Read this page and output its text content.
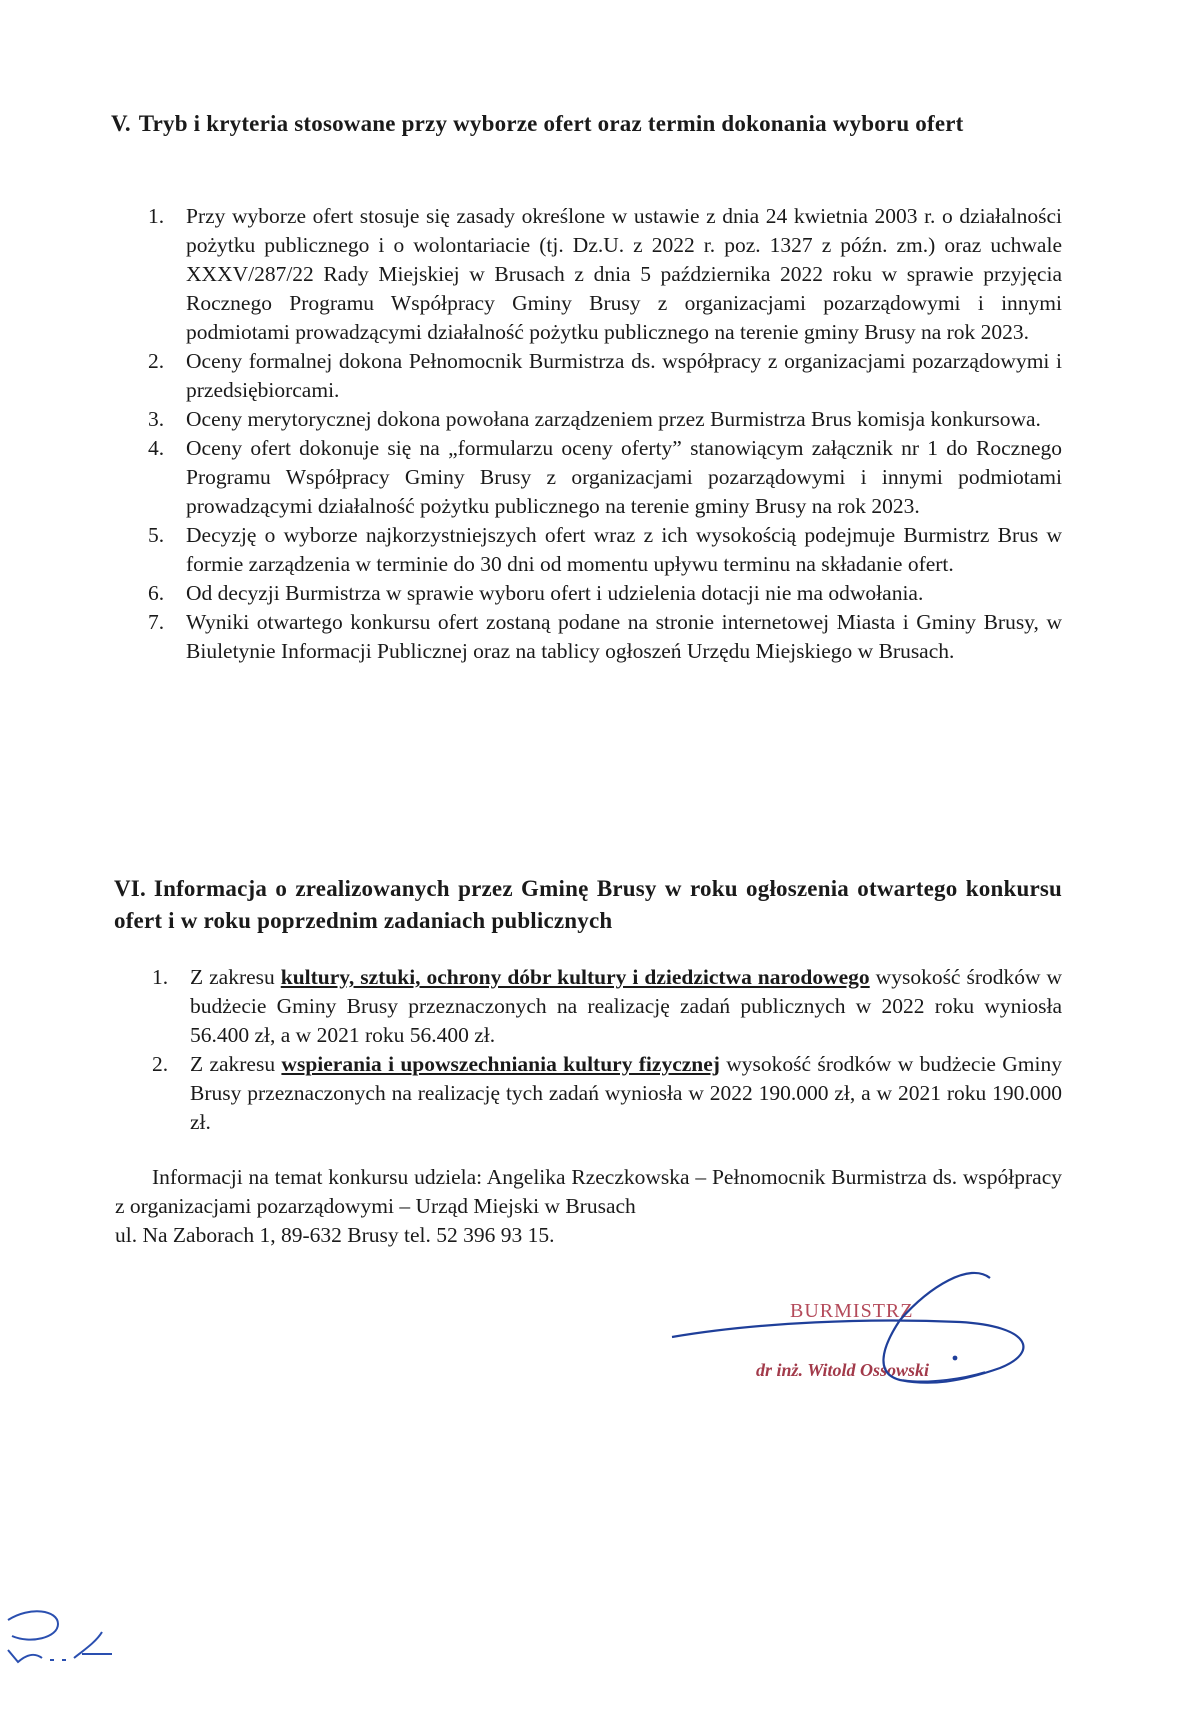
V. Tryb i kryteria stosowane przy wyborze ofert oraz termin dokonania wyboru ofert
1. Przy wyborze ofert stosuje się zasady określone w ustawie z dnia 24 kwietnia 2003 r. o działalności pożytku publicznego i o wolontariacie (tj. Dz.U. z 2022 r. poz. 1327 z późn. zm.) oraz uchwale XXXV/287/22 Rady Miejskiej w Brusach z dnia 5 października 2022 roku w sprawie przyjęcia Rocznego Programu Współpracy Gminy Brusy z organizacjami pozarządowymi i innymi podmiotami prowadzącymi działalność pożytku publicznego na terenie gminy Brusy na rok 2023.
2. Oceny formalnej dokona Pełnomocnik Burmistrza ds. współpracy z organizacjami pozarządowymi i przedsiębiorcami.
3. Oceny merytorycznej dokona powołana zarządzeniem przez Burmistrza Brus komisja konkursowa.
4. Oceny ofert dokonuje się na „formularzu oceny oferty” stanowiącym załącznik nr 1 do Rocznego Programu Współpracy Gminy Brusy z organizacjami pozarządowymi i innymi podmiotami prowadzącymi działalność pożytku publicznego na terenie gminy Brusy na rok 2023.
5. Decyzję o wyborze najkorzystniejszych ofert wraz z ich wysokością podejmuje Burmistrz Brus w formie zarządzenia w terminie do 30 dni od momentu upływu terminu na składanie ofert.
6. Od decyzji Burmistrza w sprawie wyboru ofert i udzielenia dotacji nie ma odwołania.
7. Wyniki otwartego konkursu ofert zostaną podane na stronie internetowej Miasta i Gminy Brusy, w Biuletynie Informacji Publicznej oraz na tablicy ogłoszeń Urzędu Miejskiego w Brusach.
VI. Informacja o zrealizowanych przez Gminę Brusy w roku ogłoszenia otwartego konkursu ofert i w roku poprzednim zadaniach publicznych
1. Z zakresu kultury, sztuki, ochrony dóbr kultury i dziedzictwa narodowego wysokość środków w budżecie Gminy Brusy przeznaczonych na realizację zadań publicznych w 2022 roku wyniosła 56.400 zł, a w 2021 roku 56.400 zł.
2. Z zakresu wspierania i upowszechniania kultury fizycznej wysokość środków w budżecie Gminy Brusy przeznaczonych na realizację tych zadań wyniosła w 2022 190.000 zł, a w 2021 roku 190.000 zł.

Informacji na temat konkursu udziela: Angelika Rzeczkowska – Pełnomocnik Burmistrza ds. współpracy z organizacjami pozarządowymi – Urząd Miejski w Brusach
ul. Na Zaborach 1, 89-632 Brusy tel. 52 396 93 15.

BURMISTRZ
dr inż. Witold Ossowski
